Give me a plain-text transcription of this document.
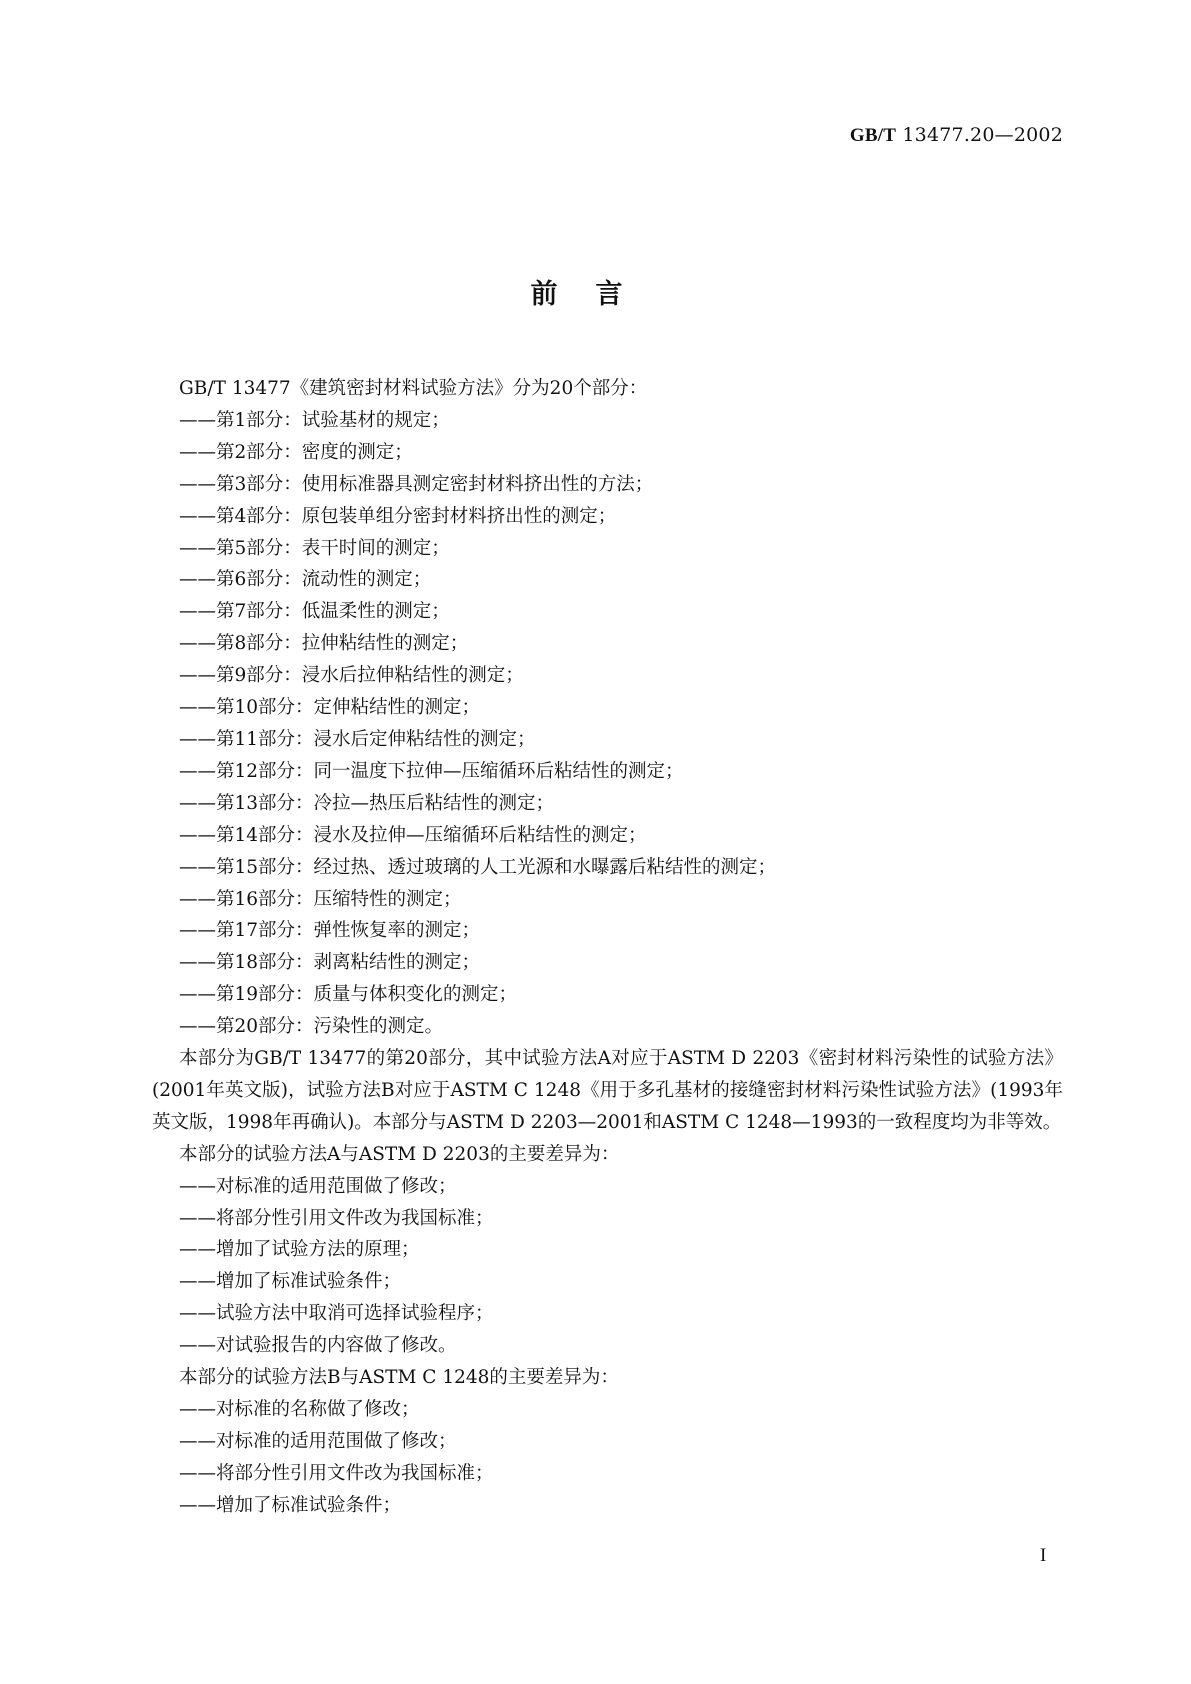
GB/T 13477.20—2002
前言

GB/T 13477《建筑密封材料试验方法》分为20个部分：

——第1部分：试验基材的规定；

——第2部分：密度的测定；

——第3部分：使用标准器具测定密封材料挤出性的方法；

——第4部分：原包装单组分密封材料挤出性的测定；

——第5部分：表干时间的测定；

——第6部分：流动性的测定；

——第7部分：低温柔性的测定；

——第8部分：拉伸粘结性的测定；

——第9部分：浸水后拉伸粘结性的测定；

——第10部分：定伸粘结性的测定；

——第11部分：浸水后定伸粘结性的测定；

——第12部分：同一温度下拉伸—压缩循环后粘结性的测定；

——第13部分：冷拉—热压后粘结性的测定；

——第14部分：浸水及拉伸—压缩循环后粘结性的测定；

——第15部分：经过热、透过玻璃的人工光源和水曝露后粘结性的测定；

——第16部分：压缩特性的测定；

——第17部分：弹性恢复率的测定；

——第18部分：剥离粘结性的测定；

——第19部分：质量与体积变化的测定；

——第20部分：污染性的测定。

本部分为GB/T 13477的第20部分，其中试验方法A对应于ASTM D 2203《密封材料污染性的试验方法》(2001年英文版)，试验方法B对应于ASTM C 1248《用于多孔基材的接缝密封材料污染性试验方法》(1993年英文版，1998年再确认)。本部分与ASTM D 2203—2001和ASTM C 1248—1993的一致程度均为非等效。

本部分的试验方法A与ASTM D 2203的主要差异为：

——对标准的适用范围做了修改；

——将部分性引用文件改为我国标准；

——增加了试验方法的原理；

——增加了标准试验条件；

——试验方法中取消可选择试验程序；

——对试验报告的内容做了修改。

本部分的试验方法B与ASTM C 1248的主要差异为：

——对标准的名称做了修改；

——对标准的适用范围做了修改；

——将部分性引用文件改为我国标准；

——增加了标准试验条件；

I
